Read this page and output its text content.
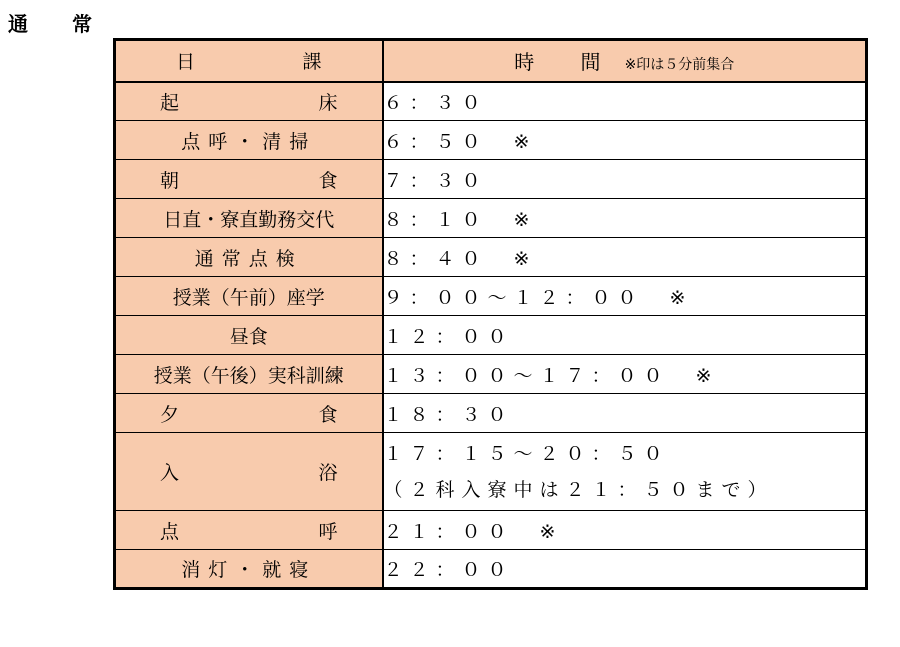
通	常
日 課	時 間 ※印は５分前集合

起 床	６：３０
点呼・清掃	６：５０　※

朝 食	７：３０
日直・寮直勤務交代	８：１０　※
通常点検	８：４０　※
授業（午前）座学	９：００～１２：００　※
昼食	１２：００
授業（午後）実科訓練	１３：００～１７：００　※

夕 食	１８：３０

入 浴	１７：１５～２０：５０
（２科入寮中は２１：５０まで）

点 呼	２１：００　※
消灯・就寝	２２：００
